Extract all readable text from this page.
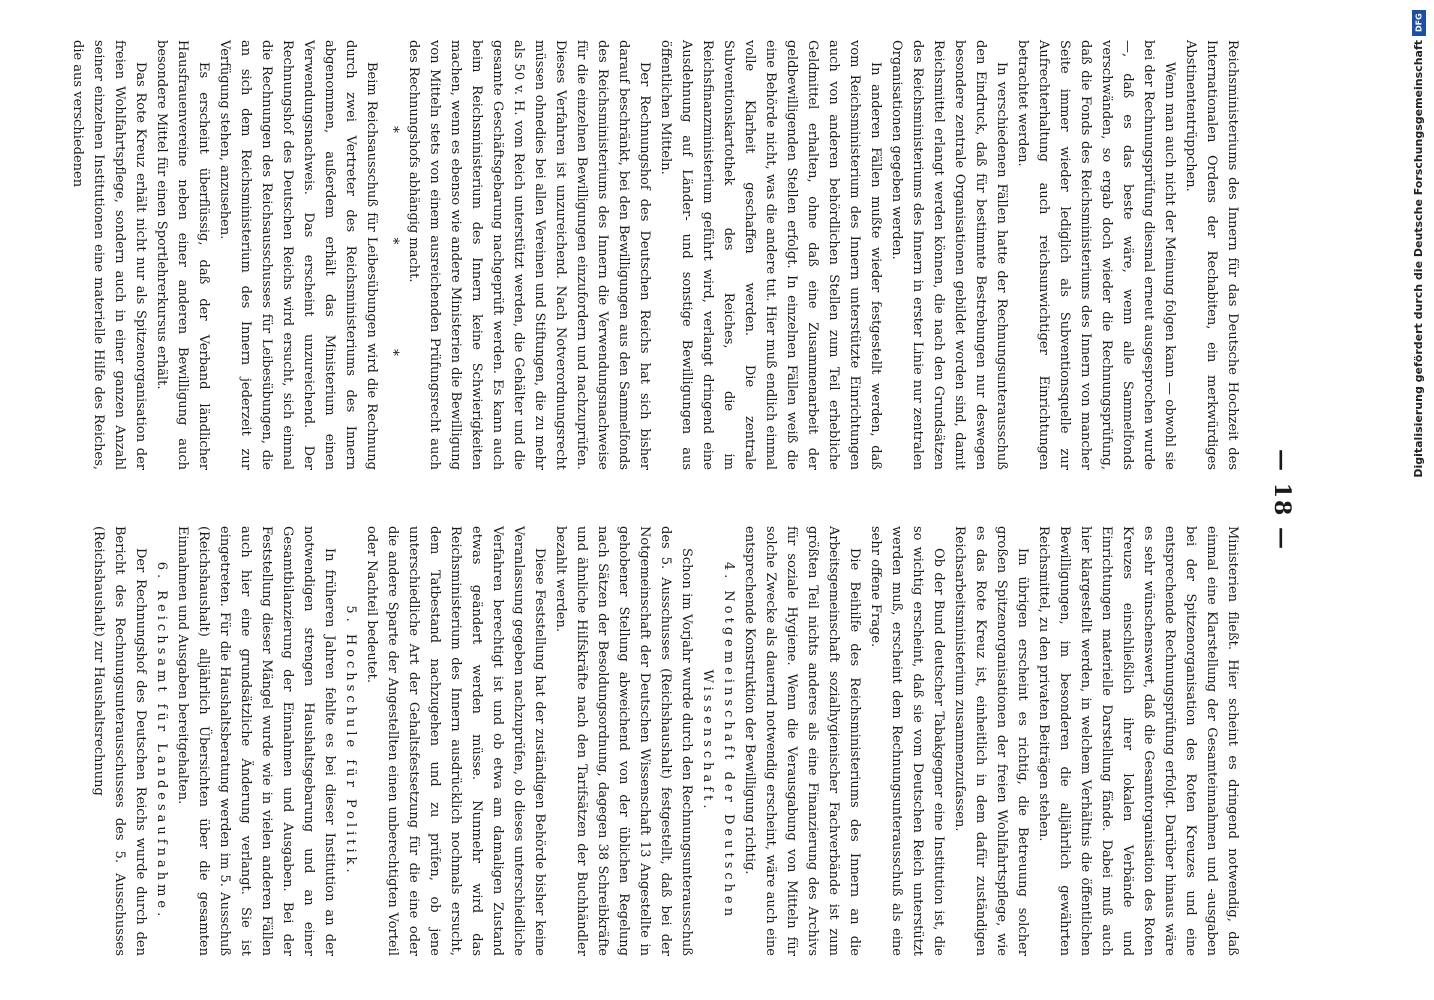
— 18 —

Reichsministeriums des Innern für das Deutsche Hochzeit des Internationalen Ordens der Rechabiten, ein merkwürdiges Abstinententrüppchen.

Wenn man auch nicht der Meinung folgen kann — obwohl sie bei der Rechnungsprüfung diesmal erneut ausgesprochen wurde —, daß es das beste wäre, wenn alle Sammelfonds verschwänden, so ergab doch wieder die Rechnungsprüfung, daß die Fonds des Reichsministeriums des Innern von mancher Seite immer wieder lediglich als Subventionsquelle zur Aufrechterhaltung auch reichsunwichtiger Einrichtungen betrachtet werden.

In verschiedenen Fällen hatte der Rechnungsunterausschuß den Eindruck, daß für bestimmte Bestrebungen nur deswegen besondere zentrale Organisationen gebildet worden sind, damit Reichsmittel erlangt werden können, die nach den Grundsätzen des Reichsministeriums des Innern in erster Linie nur zentralen Organisationen gegeben werden.

In anderen Fällen mußte wieder festgestellt werden, daß vom Reichsministerium des Innern unterstützte Einrichtungen auch von anderen behördlichen Stellen zum Teil erhebliche Geldmittel erhalten, ohne daß eine Zusammenarbeit der geldbewilligenden Stellen erfolgt. In einzelnen Fällen weiß die eine Behörde nicht, was die andere tut. Hier muß endlich einmal volle Klarheit geschaffen werden. Die zentrale Subventionskartothek des Reiches, die im Reichsfinanzministerium geführt wird, verlangt dringend eine Ausdehnung auf Länder- und sonstige Bewilligungen aus öffentlichen Mitteln.

Der Rechnungshof des Deutschen Reichs hat sich bisher darauf beschränkt, bei den Bewilligungen aus den Sammelfonds des Reichsministeriums des Innern die Verwendungsnachweise für die einzelnen Bewilligungen einzufordern und nachzuprüfen. Dieses Verfahren ist unzureichend. Nach Notverordnungsrecht müssen ohnedies bei allen Vereinen und Stiftungen, die zu mehr als 50 v. H. vom Reich unterstützt werden, die Gehälter und die gesamte Geschäftsgebarung nachgeprüft werden. Es kann auch beim Reichsministerium des Innern keine Schwierigkeiten machen, wenn es ebenso wie andere Ministerien die Bewilligung von Mitteln stets von einem ausreichenden Prüfungsrecht auch des Rechnungshofs abhängig macht.

* * *

Beim Reichsausschuß für Leibesübungen wird die Rechnung durch zwei Vertreter des Reichsministeriums des Innern abgenommen, außerdem erhält das Ministerium einen Verwendungsnachweis. Das erscheint unzureichend. Der Rechnungshof des Deutschen Reichs wird ersucht, sich einmal die Rechnungen des Reichsausschusses für Leibesübungen, die an sich dem Reichsministerium des Innern jederzeit zur Verfügung stehen, anzusehen.

Es erscheint überflüssig, daß der Verband ländlicher Hausfrauenvereine neben einer anderen Bewilligung auch besondere Mittel für einen Sportlehrerkursus erhält.

Das Rote Kreuz erhält nicht nur als Spitzenorganisation der freien Wohlfahrtspflege, sondern auch in einer ganzen Anzahl seiner einzelnen Institutionen eine materielle Hilfe des Reiches, die aus verschiedenen

Ministerien fließt. Hier scheint es dringend notwendig, daß einmal eine Klarstellung der Gesamteinnahmen und -ausgaben bei der Spitzenorganisation des Roten Kreuzes und eine entsprechende Rechnungsprüfung erfolgt. Darüber hinaus wäre es sehr wünschenswert, daß die Gesamtorganisation des Roten Kreuzes einschließlich ihrer lokalen Verbände und Einrichtungen materielle Darstellung fände. Dabei muß auch hier klargestellt werden, in welchem Verhältnis die öffentlichen Bewilligungen, im besonderen die alljährlich gewährten Reichsmittel, zu den privaten Beiträgen stehen.

Im übrigen erscheint es richtig, die Betreuung solcher großen Spitzenorganisationen der freien Wohlfahrtspflege, wie es das Rote Kreuz ist, einheitlich in dem dafür zuständigen Reichsarbeitsministerium zusammenzufassen.

Ob der Bund deutscher Tabakgegner eine Institution ist, die so wichtig erscheint, daß sie vom Deutschen Reich unterstützt werden muß, erscheint dem Rechnungsunterausschuß als eine sehr offene Frage.

Die Beihilfe des Reichsministeriums des Innern an die Arbeitsgemeinschaft sozialhygienischer Fachverbände ist zum größten Teil nichts anderes als eine Finanzierung des Archivs für soziale Hygiene. Wenn die Verausgabung von Mitteln für solche Zwecke als dauernd notwendig erscheint, wäre auch eine entsprechende Konstruktion der Bewilligung richtig.

4. Notgemeinschaft der Deutschen Wissenschaft.

Schon im Vorjahr wurde durch den Rechnungsunterausschuß des 5. Ausschusses (Reichshaushalt) festgestellt, daß bei der Notgemeinschaft der Deutschen Wissenschaft 13 Angestellte in gehobener Stellung abweichend von der üblichen Regelung nach Sätzen der Besoldungsordnung, dagegen 38 Schreibkräfte und ähnliche Hilfskräfte nach den Tarifsätzen der Buchhändler bezahlt werden.

Diese Feststellung hat der zuständigen Behörde bisher keine Veranlassung gegeben nachzuprüfen, ob dieses unterschiedliche Verfahren berechtigt ist und ob etwa am damaligen Zustand etwas geändert werden müsse. Nunmehr wird das Reichsministerium des Innern ausdrücklich nochmals ersucht, dem Tatbestand nachzugehen und zu prüfen, ob jene unterschiedliche Art der Gehaltsfestsetzung für die eine oder die andere Sparte der Angestellten einen unberechtigten Vorteil oder Nachteil bedeutet.

5. Hochschule für Politik.

In früheren Jahren fehlte es bei dieser Institution an der notwendigen strengen Haushaltsgebarung und an einer Gesamtbilanzierung der Einnahmen und Ausgaben. Bei der Feststellung dieser Mängel wurde wie in vielen anderen Fällen auch hier eine grundsätzliche Änderung verlangt. Sie ist eingetreten. Für die Haushaltsberatung werden im 5. Ausschuß (Reichshaushalt) alljährlich Übersichten über die gesamten Einnahmen und Ausgaben bereitgehalten.

6. Reichsamt für Landesaufnahme.

Der Rechnungshof des Deutschen Reichs wurde durch den Bericht des Rechnungsunterausschusses des 5. Ausschusses (Reichshaushalt) zur Haushaltsrechnung

DFG
Digitalisierung gefördert durch die Deutsche Forschungsgemeinschaft
